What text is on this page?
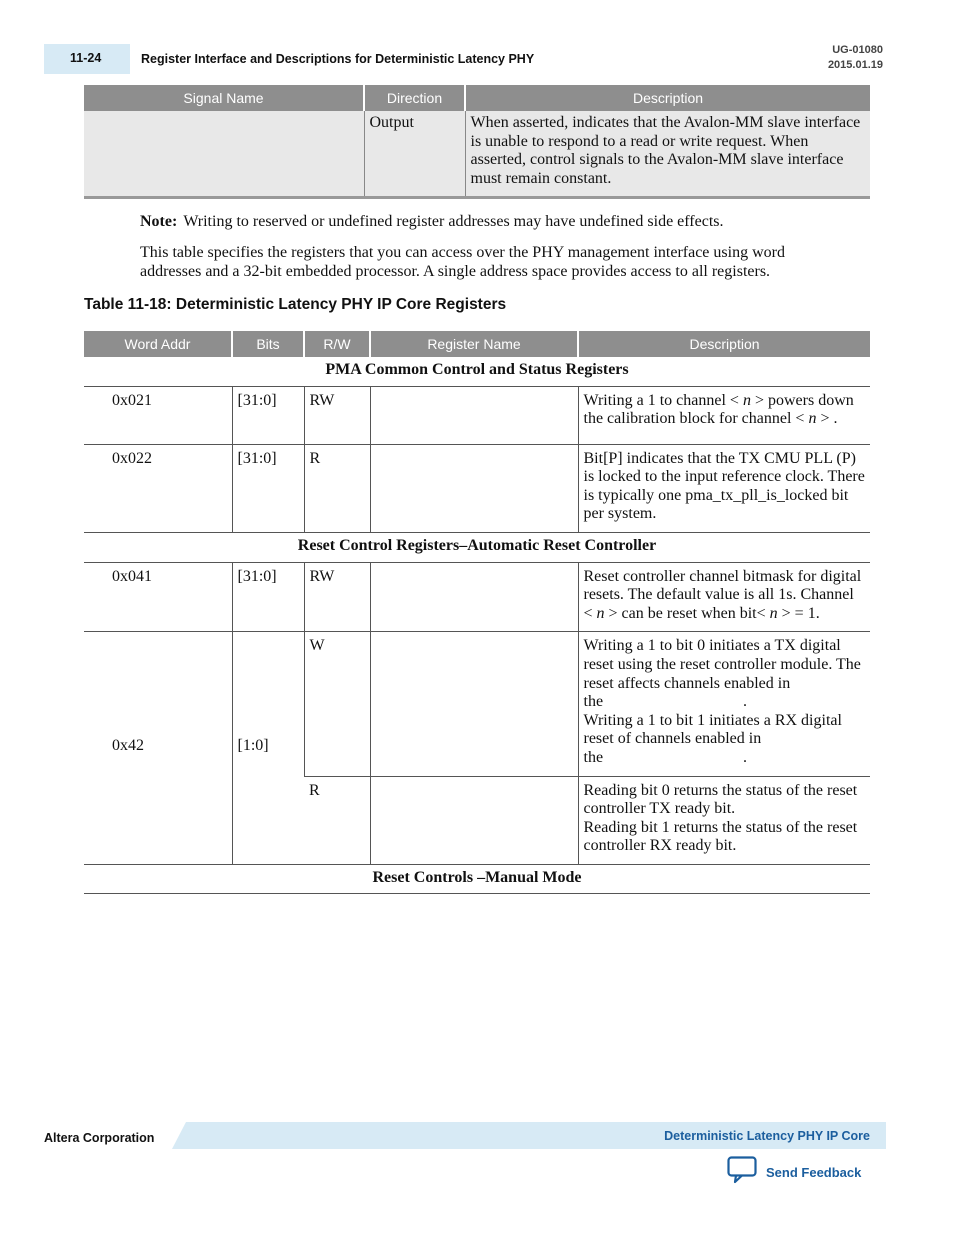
11-24	Register Interface and Descriptions for Deterministic Latency PHY
UG-01080
2015.01.19
Signal Name	Direction	Description
	Output	When asserted, indicates that the Avalon-MM slave interface is unable to respond to a read or write request. When asserted, control signals to the Avalon-MM slave interface must remain constant.
Note: Writing to reserved or undefined register addresses may have undefined side effects.
This table specifies the registers that you can access over the PHY management interface using word addresses and a 32-bit embedded processor. A single address space provides access to all registers.
Table 11-18: Deterministic Latency PHY IP Core Registers
Word Addr	Bits	R/W	Register Name	Description
PMA Common Control and Status Registers				
0x021	[31:0]	RW		Writing a 1 to channel < n > powers down the calibration block for channel < n > .
0x022	[31:0]	R		Bit[P] indicates that the TX CMU PLL (P) is locked to the input reference clock. There is typically one pma_tx_pll_is_locked bit per system.
Reset Control Registers–Automatic Reset Controller				
0x041	[31:0]	RW		Reset controller channel bitmask for digital resets. The default value is all 1s. Channel < n > can be reset when bit< n > = 1.
0x42	[1:0]	W		Writing a 1 to bit 0 initiates a TX digital reset using the reset controller module. The reset affects channels enabled in the .
Writing a 1 to bit 1 initiates a RX digital reset of channels enabled in the .

		R		Reading bit 0 returns the status of the reset controller TX ready bit.
Reading bit 1 returns the status of the reset controller RX ready bit.

Reset Controls –Manual Mode				
Altera Corporation	Deterministic Latency PHY IP Core
Send Feedback
